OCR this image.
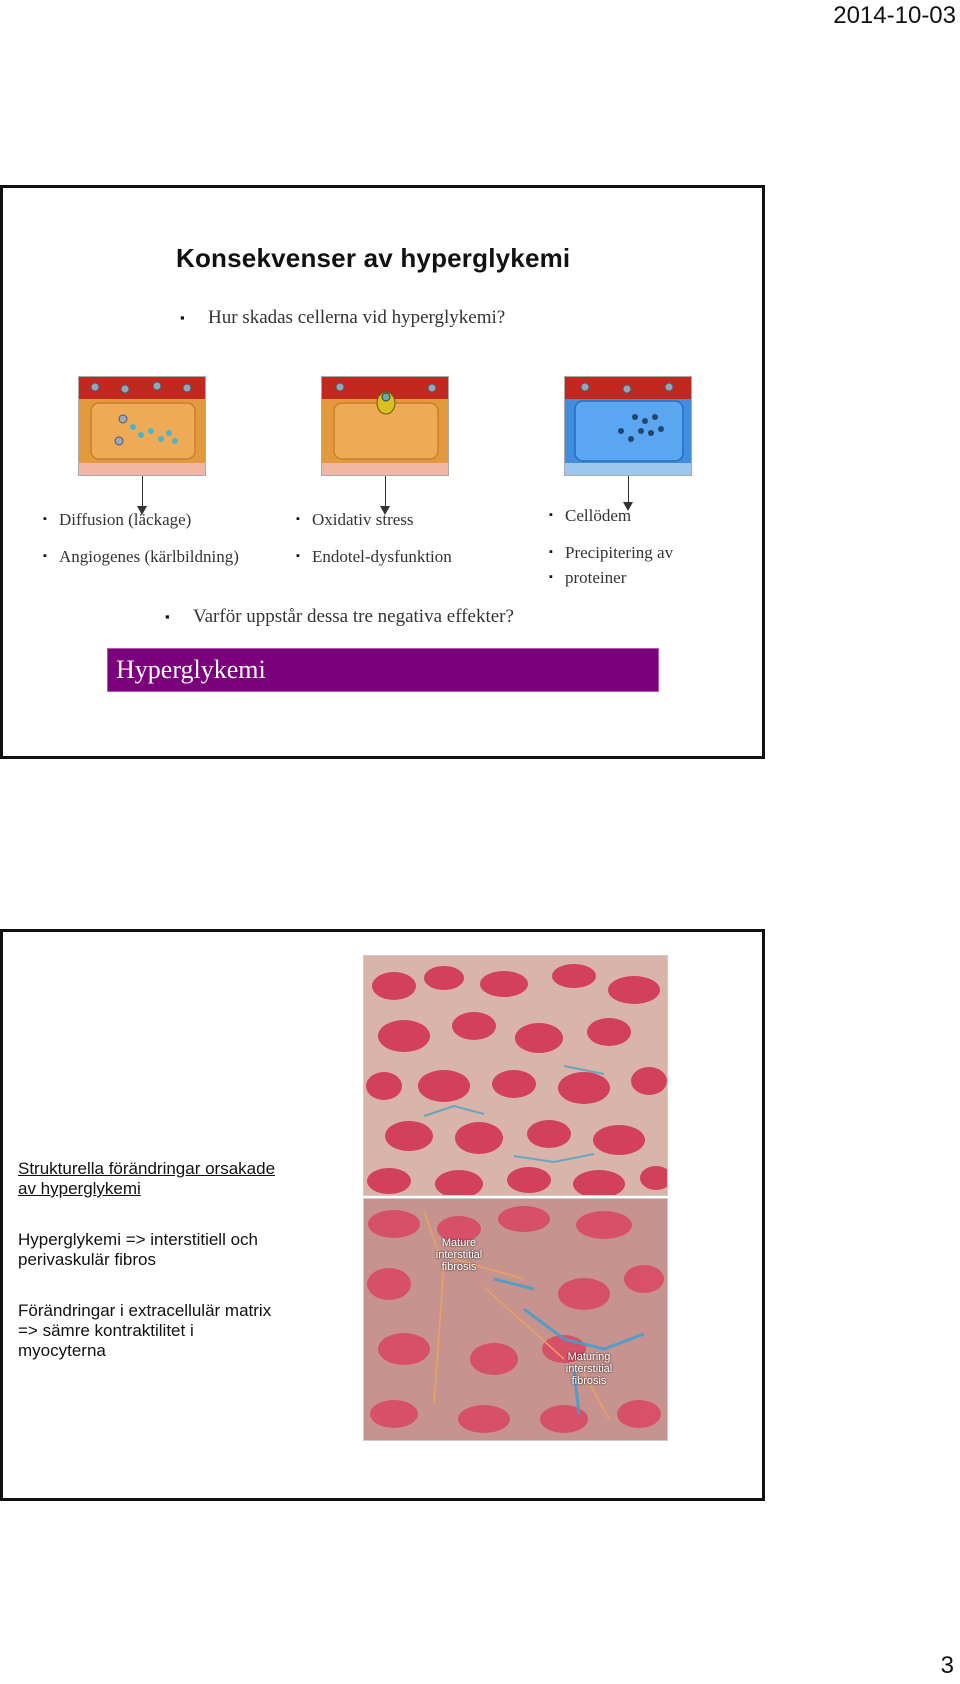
2014-10-03
Konsekvenser av hyperglykemi
▪ Hur skadas cellerna vid hyperglykemi?
▪ Diffusion (läckage)
▪ Angiogenes (kärlbildning)
▪ Oxidativ stress
▪ Endotel-dysfunktion
▪ Cellödem
▪ Precipitering av
▪ proteiner
▪ Varför uppstår dessa tre negativa effekter?
Hyperglykemi
Strukturella förändringar orsakade
av hyperglykemi
Hyperglykemi => interstitiell och
perivaskulär fibros
Förändringar i extracellulär matrix
=> sämre kontraktilitet i
myocyterna
Mature
interstitial
fibrosis
Maturing
interstitial
fibrosis
3
